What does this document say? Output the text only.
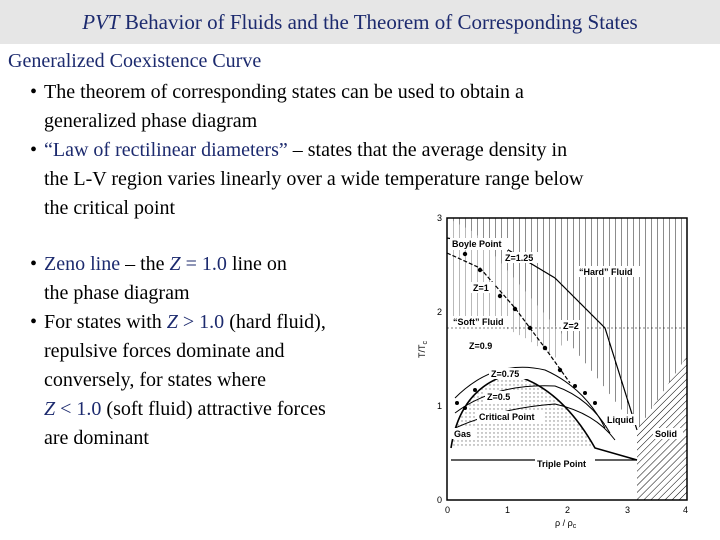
PVT Behavior of Fluids and the Theorem of Corresponding States
Generalized Coexistence Curve
• The theorem of corresponding states can be used to obtain a
generalized phase diagram
• “Law of rectilinear diameters” – states that the average density in
the L-V region varies linearly over a wide temperature range below
the critical point
• Zeno line – the Z = 1.0 line on
the phase diagram
• For states with Z > 1.0 (hard fluid),
repulsive forces dominate and
conversely, for states where
Z < 1.0 (soft fluid) attractive forces
are dominant
3
2
1
0
0	1	2	3	4
$T/T_c$
ρ / $\rho_c$
Boyle Point
Z=1.25
“Hard” Fluid
Z=1
“Soft” Fluid	Z=2
Z=0.9
Z=0.75
Z=0.5
Gas
Critical Point	Liquid
Solid
Triple Point
